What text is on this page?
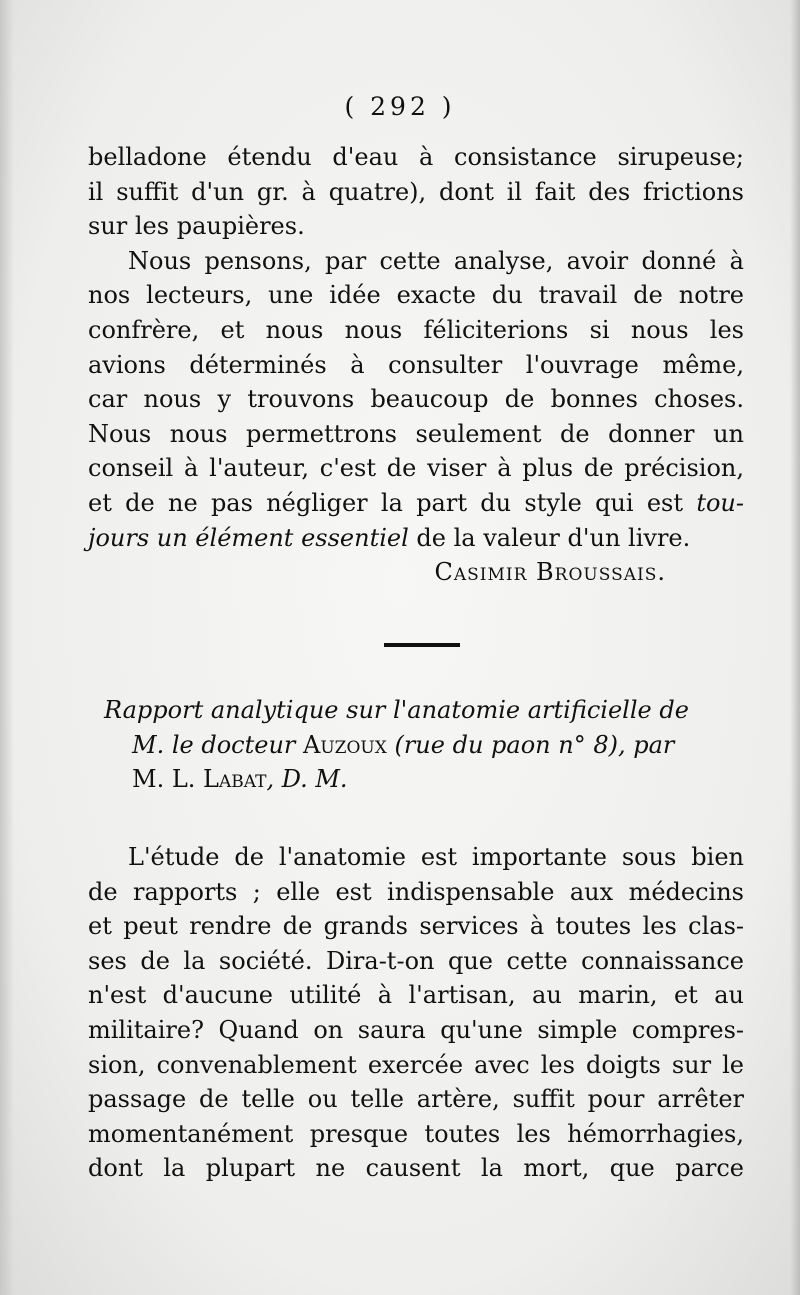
( 292 )
belladone étendu d'eau à consistance sirupeuse;
il suffit d'un gr. à quatre), dont il fait des frictions
sur les paupières.
Nous pensons, par cette analyse, avoir donné à
nos lecteurs, une idée exacte du travail de notre
confrère, et nous nous féliciterions si nous les
avions déterminés à consulter l'ouvrage même,
car nous y trouvons beaucoup de bonnes choses.
Nous nous permettrons seulement de donner un
conseil à l'auteur, c'est de viser à plus de précision,
et de ne pas négliger la part du style qui est tou-
jours un élément essentiel de la valeur d'un livre.
Casimir Broussais.
Rapport analytique sur l'anatomie artificielle de
M. le docteur Auzoux (rue du paon n° 8), par
M. L. Labat, D. M.
L'étude de l'anatomie est importante sous bien
de rapports ; elle est indispensable aux médecins
et peut rendre de grands services à toutes les clas-
ses de la société. Dira-t-on que cette connaissance
n'est d'aucune utilité à l'artisan, au marin, et au
militaire? Quand on saura qu'une simple compres-
sion, convenablement exercée avec les doigts sur le
passage de telle ou telle artère, suffit pour arrêter
momentanément presque toutes les hémorrhagies,
dont la plupart ne causent la mort, que parce
